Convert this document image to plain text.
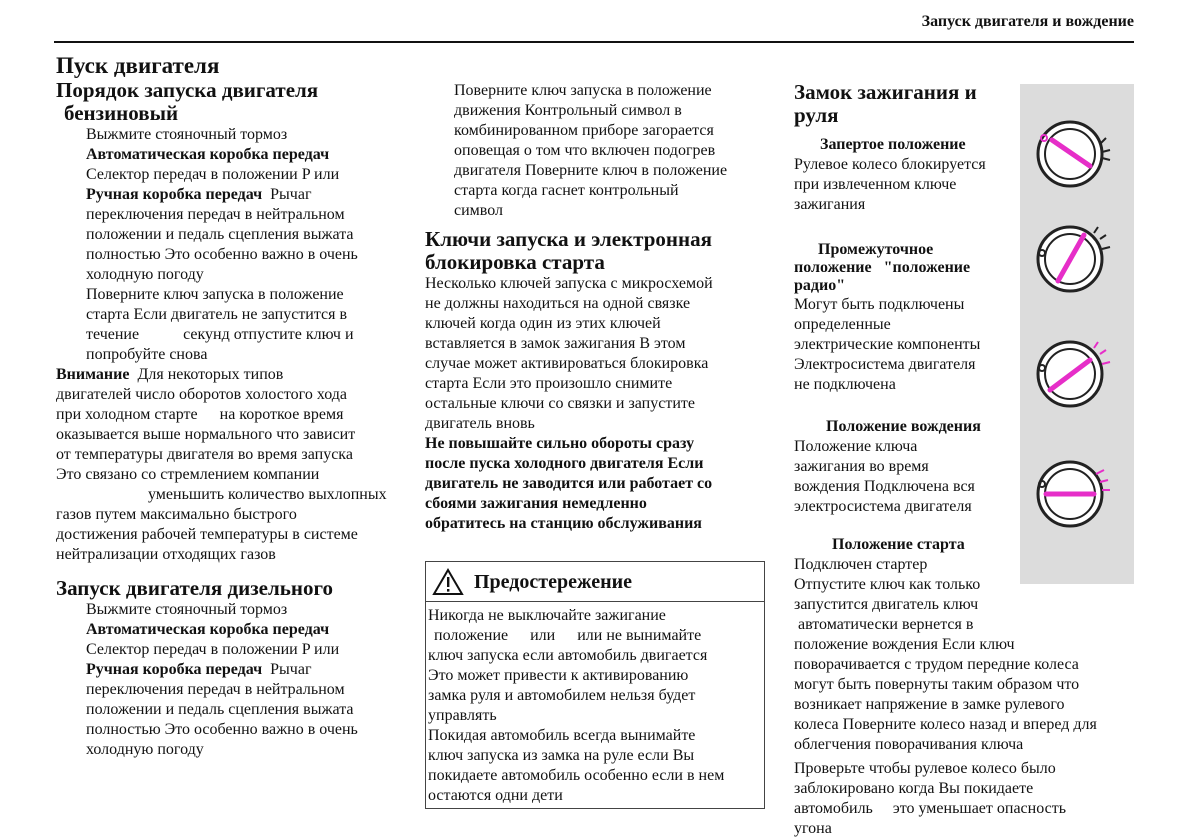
Запуск двигателя и вождение

Пуск двигателя

Порядок запуска двигателя

бензиновый

Выжмите стояночный тормоз

Автоматическая коробка передач

Селектор передач в положении P или

Ручная коробка передач Рычаг

переключения передач в нейтральном

положении и педаль сцепления выжата

полностью Это особенно важно в очень

холодную погоду

Поверните ключ запуска в положение

старта Если двигатель не запустится в

течение	секунд отпустите ключ и

попробуйте снова

Внимание Для некоторых типов

двигателей число оборотов холостого хода

при холодном старте на короткое время

оказывается выше нормального что зависит

от температуры двигателя во время запуска

Это связано со стремлением компании

уменьшить количество выхлопных

газов путем максимально быстрого

достижения рабочей температуры в системе

нейтрализации отходящих газов

Запуск двигателя дизельного

Выжмите стояночный тормоз

Автоматическая коробка передач

Селектор передач в положении P или

Ручная коробка передач Рычаг

переключения передач в нейтральном

положении и педаль сцепления выжата

полностью Это особенно важно в очень

холодную погоду

Поверните ключ запуска в положение

движения Контрольный символ в

комбинированном приборе загорается

оповещая о том что включен подогрев

двигателя Поверните ключ в положение

старта когда гаснет контрольный

символ

Ключи запуска и электронная

блокировка старта

Несколько ключей запуска с микросхемой

не должны находиться на одной связке

ключей когда один из этих ключей

вставляется в замок зажигания В этом

случае может активироваться блокировка

старта Если это произошло снимите

остальные ключи со связки и запустите

двигатель вновь

Не повышайте сильно обороты сразу

после пуска холодного двигателя Если

двигатель не заводится или работает со

сбоями зажигания немедленно

обратитесь на станцию обслуживания

Предостережение

Никогда не выключайте зажигание

положение или или не вынимайте

ключ запуска если автомобиль двигается

Это может привести к активированию

замка руля и автомобилем нельзя будет

управлять

Покидая автомобиль всегда вынимайте

ключ запуска из замка на руле если Вы

покидаете автомобиль особенно если в нем

остаются одни дети

Замок зажигания и

руля

Запертое положение

Рулевое колесо блокируется

при извлеченном ключе

зажигания

Промежуточное

положение   "положение

радио"

Могут быть подключены

определенные

электрические компоненты

Электросистема двигателя

не подключена

Положение вождения

Положение ключа

зажигания во время

вождения Подключена вся

электросистема двигателя

Положение старта

Подключен стартер

Отпустите ключ как только

запустится двигатель ключ

автоматически вернется в

положение вождения Если ключ

поворачивается с трудом передние колеса

могут быть повернуты таким образом что

возникает напряжение в замке рулевого

колеса Поверните колесо назад и вперед для

облегчения поворачивания ключа

Проверьте чтобы рулевое колесо было

заблокировано когда Вы покидаете

автомобиль это уменьшает опасность

угона
